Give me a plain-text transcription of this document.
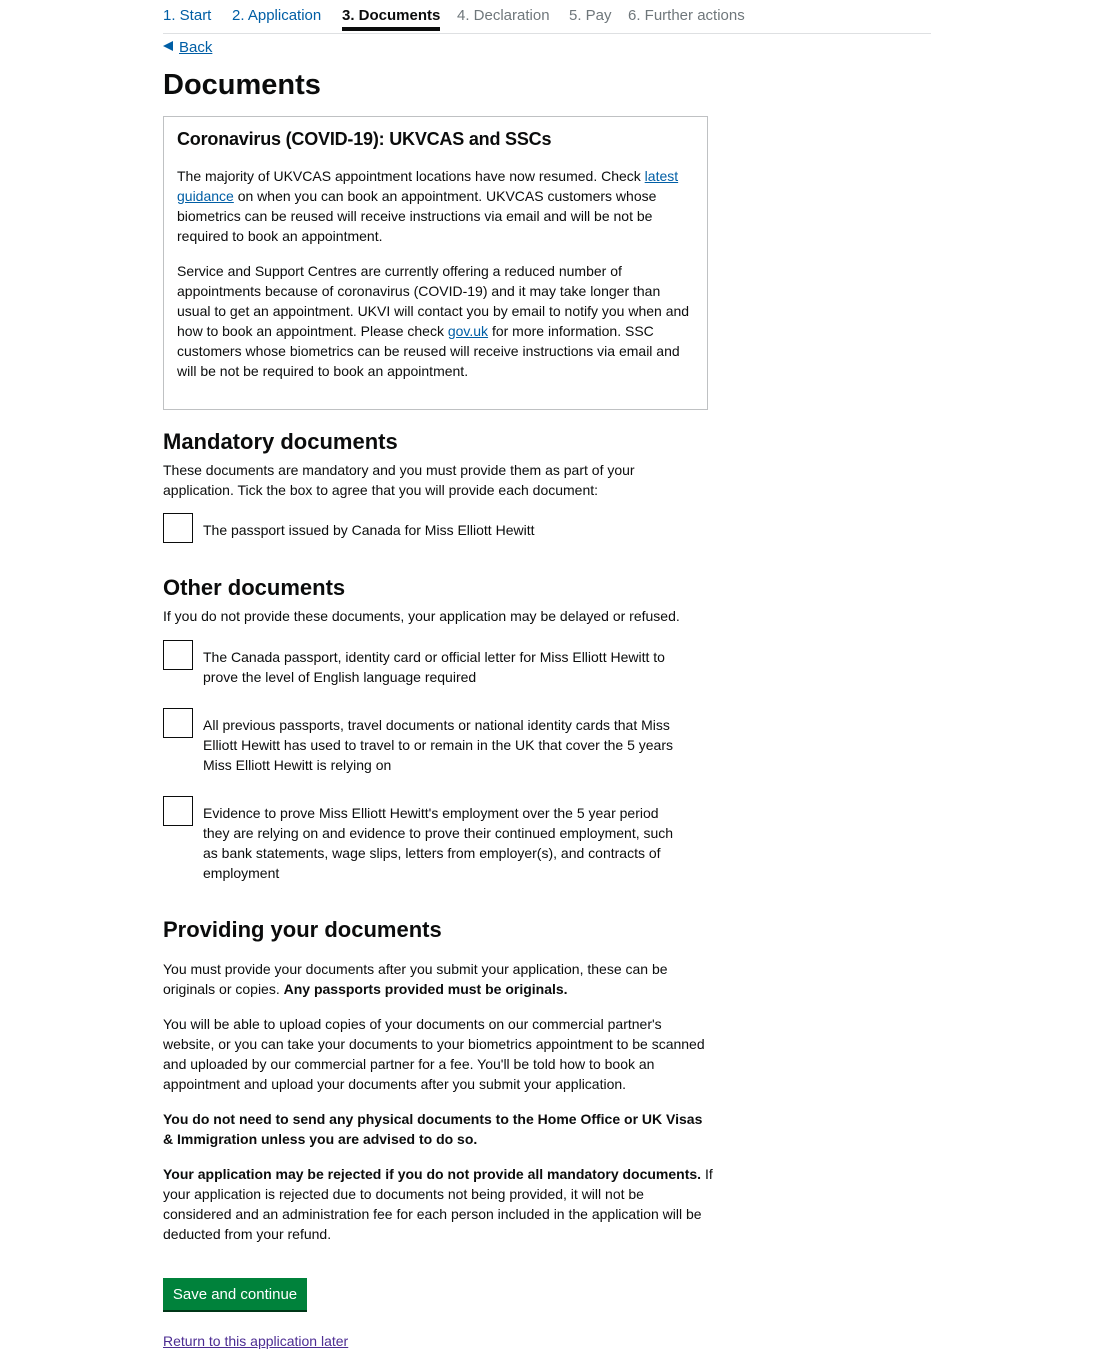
1. Start 2. Application 3. Documents 4. Declaration 5. Pay 6. Further actions
Back
Documents
Coronavirus (COVID-19): UKVCAS and SSCs

The majority of UKVCAS appointment locations have now resumed. Check latest guidance on when you can book an appointment. UKVCAS customers whose biometrics can be reused will receive instructions via email and will be not be required to book an appointment.

Service and Support Centres are currently offering a reduced number of appointments because of coronavirus (COVID-19) and it may take longer than usual to get an appointment. UKVI will contact you by email to notify you when and how to book an appointment. Please check gov.uk for more information. SSC customers whose biometrics can be reused will receive instructions via email and will be not be required to book an appointment.

Mandatory documents

These documents are mandatory and you must provide them as part of your application. Tick the box to agree that you will provide each document:

The passport issued by Canada for Miss Elliott Hewitt
Other documents

If you do not provide these documents, your application may be delayed or refused.

The Canada passport, identity card or official letter for Miss Elliott Hewitt to prove the level of English language required
All previous passports, travel documents or national identity cards that Miss Elliott Hewitt has used to travel to or remain in the UK that cover the 5 years Miss Elliott Hewitt is relying on
Evidence to prove Miss Elliott Hewitt's employment over the 5 year period they are relying on and evidence to prove their continued employment, such as bank statements, wage slips, letters from employer(s), and contracts of employment
Providing your documents

You must provide your documents after you submit your application, these can be originals or copies. Any passports provided must be originals.

You will be able to upload copies of your documents on our commercial partner's website, or you can take your documents to your biometrics appointment to be scanned and uploaded by our commercial partner for a fee. You'll be told how to book an appointment and upload your documents after you submit your application.

You do not need to send any physical documents to the Home Office or UK Visas & Immigration unless you are advised to do so.

Your application may be rejected if you do not provide all mandatory documents. If your application is rejected due to documents not being provided, it will not be considered and an administration fee for each person included in the application will be deducted from your refund.

Save and continue
Return to this application later
